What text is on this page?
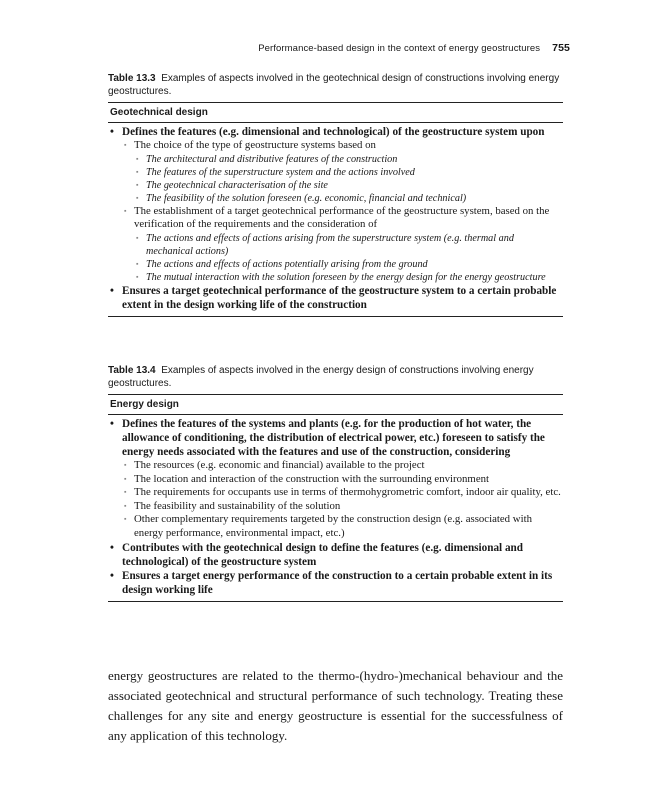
Performance-based design in the context of energy geostructures 755

Table 13.3 Examples of aspects involved in the geotechnical design of constructions involving energy geostructures.

Geotechnical design
• Defines the features (e.g. dimensional and technological) of the geostructure system upon
▪ The choice of the type of geostructure systems based on
▪ The architectural and distributive features of the construction
▪ The features of the superstructure system and the actions involved
▪ The geotechnical characterisation of the site
▪ The feasibility of the solution foreseen (e.g. economic, financial and technical)
▪ The establishment of a target geotechnical performance of the geostructure system, based on the verification of the requirements and the consideration of
▪ The actions and effects of actions arising from the superstructure system (e.g. thermal and mechanical actions)
▪ The actions and effects of actions potentially arising from the ground
▪ The mutual interaction with the solution foreseen by the energy design for the energy geostructure
• Ensures a target geotechnical performance of the geostructure system to a certain probable extent in the design working life of the construction

Table 13.4 Examples of aspects involved in the energy design of constructions involving energy geostructures.

Energy design
• Defines the features of the systems and plants (e.g. for the production of hot water, the allowance of conditioning, the distribution of electrical power, etc.) foreseen to satisfy the energy needs associated with the features and use of the construction, considering
▪ The resources (e.g. economic and financial) available to the project
▪ The location and interaction of the construction with the surrounding environment
▪ The requirements for occupants use in terms of thermohygrometric comfort, indoor air quality, etc.
▪ The feasibility and sustainability of the solution
▪ Other complementary requirements targeted by the construction design (e.g. associated with energy performance, environmental impact, etc.)
• Contributes with the geotechnical design to define the features (e.g. dimensional and technological) of the geostructure system
• Ensures a target energy performance of the construction to a certain probable extent in its design working life

energy geostructures are related to the thermo-(hydro-)mechanical behaviour and the associated geotechnical and structural performance of such technology. Treating these challenges for any site and energy geostructure is essential for the successfulness of any application of this technology.
